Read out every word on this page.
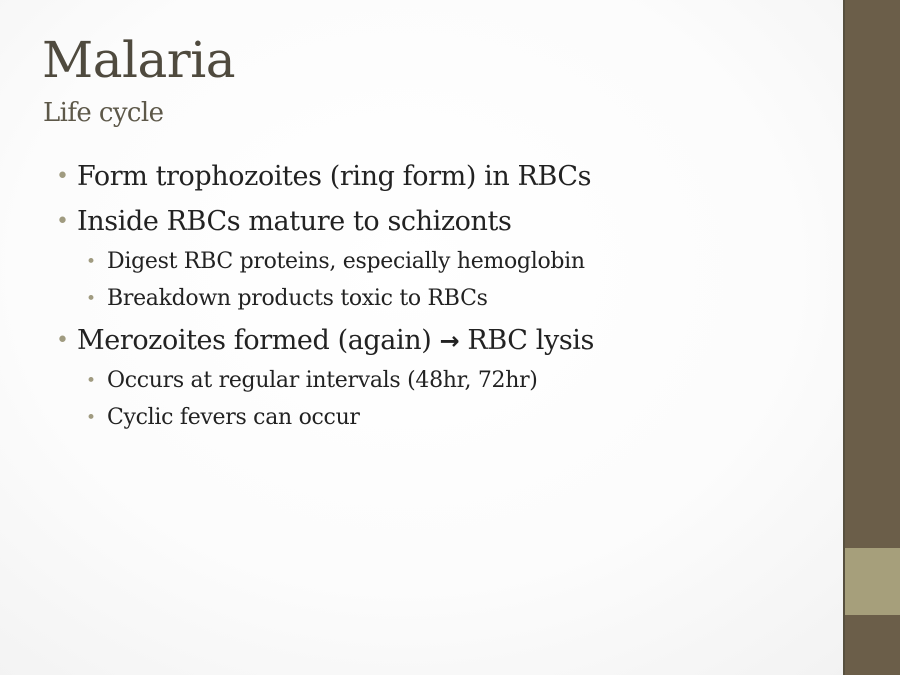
Malaria
Life cycle
• Form trophozoites (ring form) in RBCs
• Inside RBCs mature to schizonts
• Digest RBC proteins, especially hemoglobin
• Breakdown products toxic to RBCs
• Merozoites formed (again) → RBC lysis
• Occurs at regular intervals (48hr, 72hr)
• Cyclic fevers can occur
